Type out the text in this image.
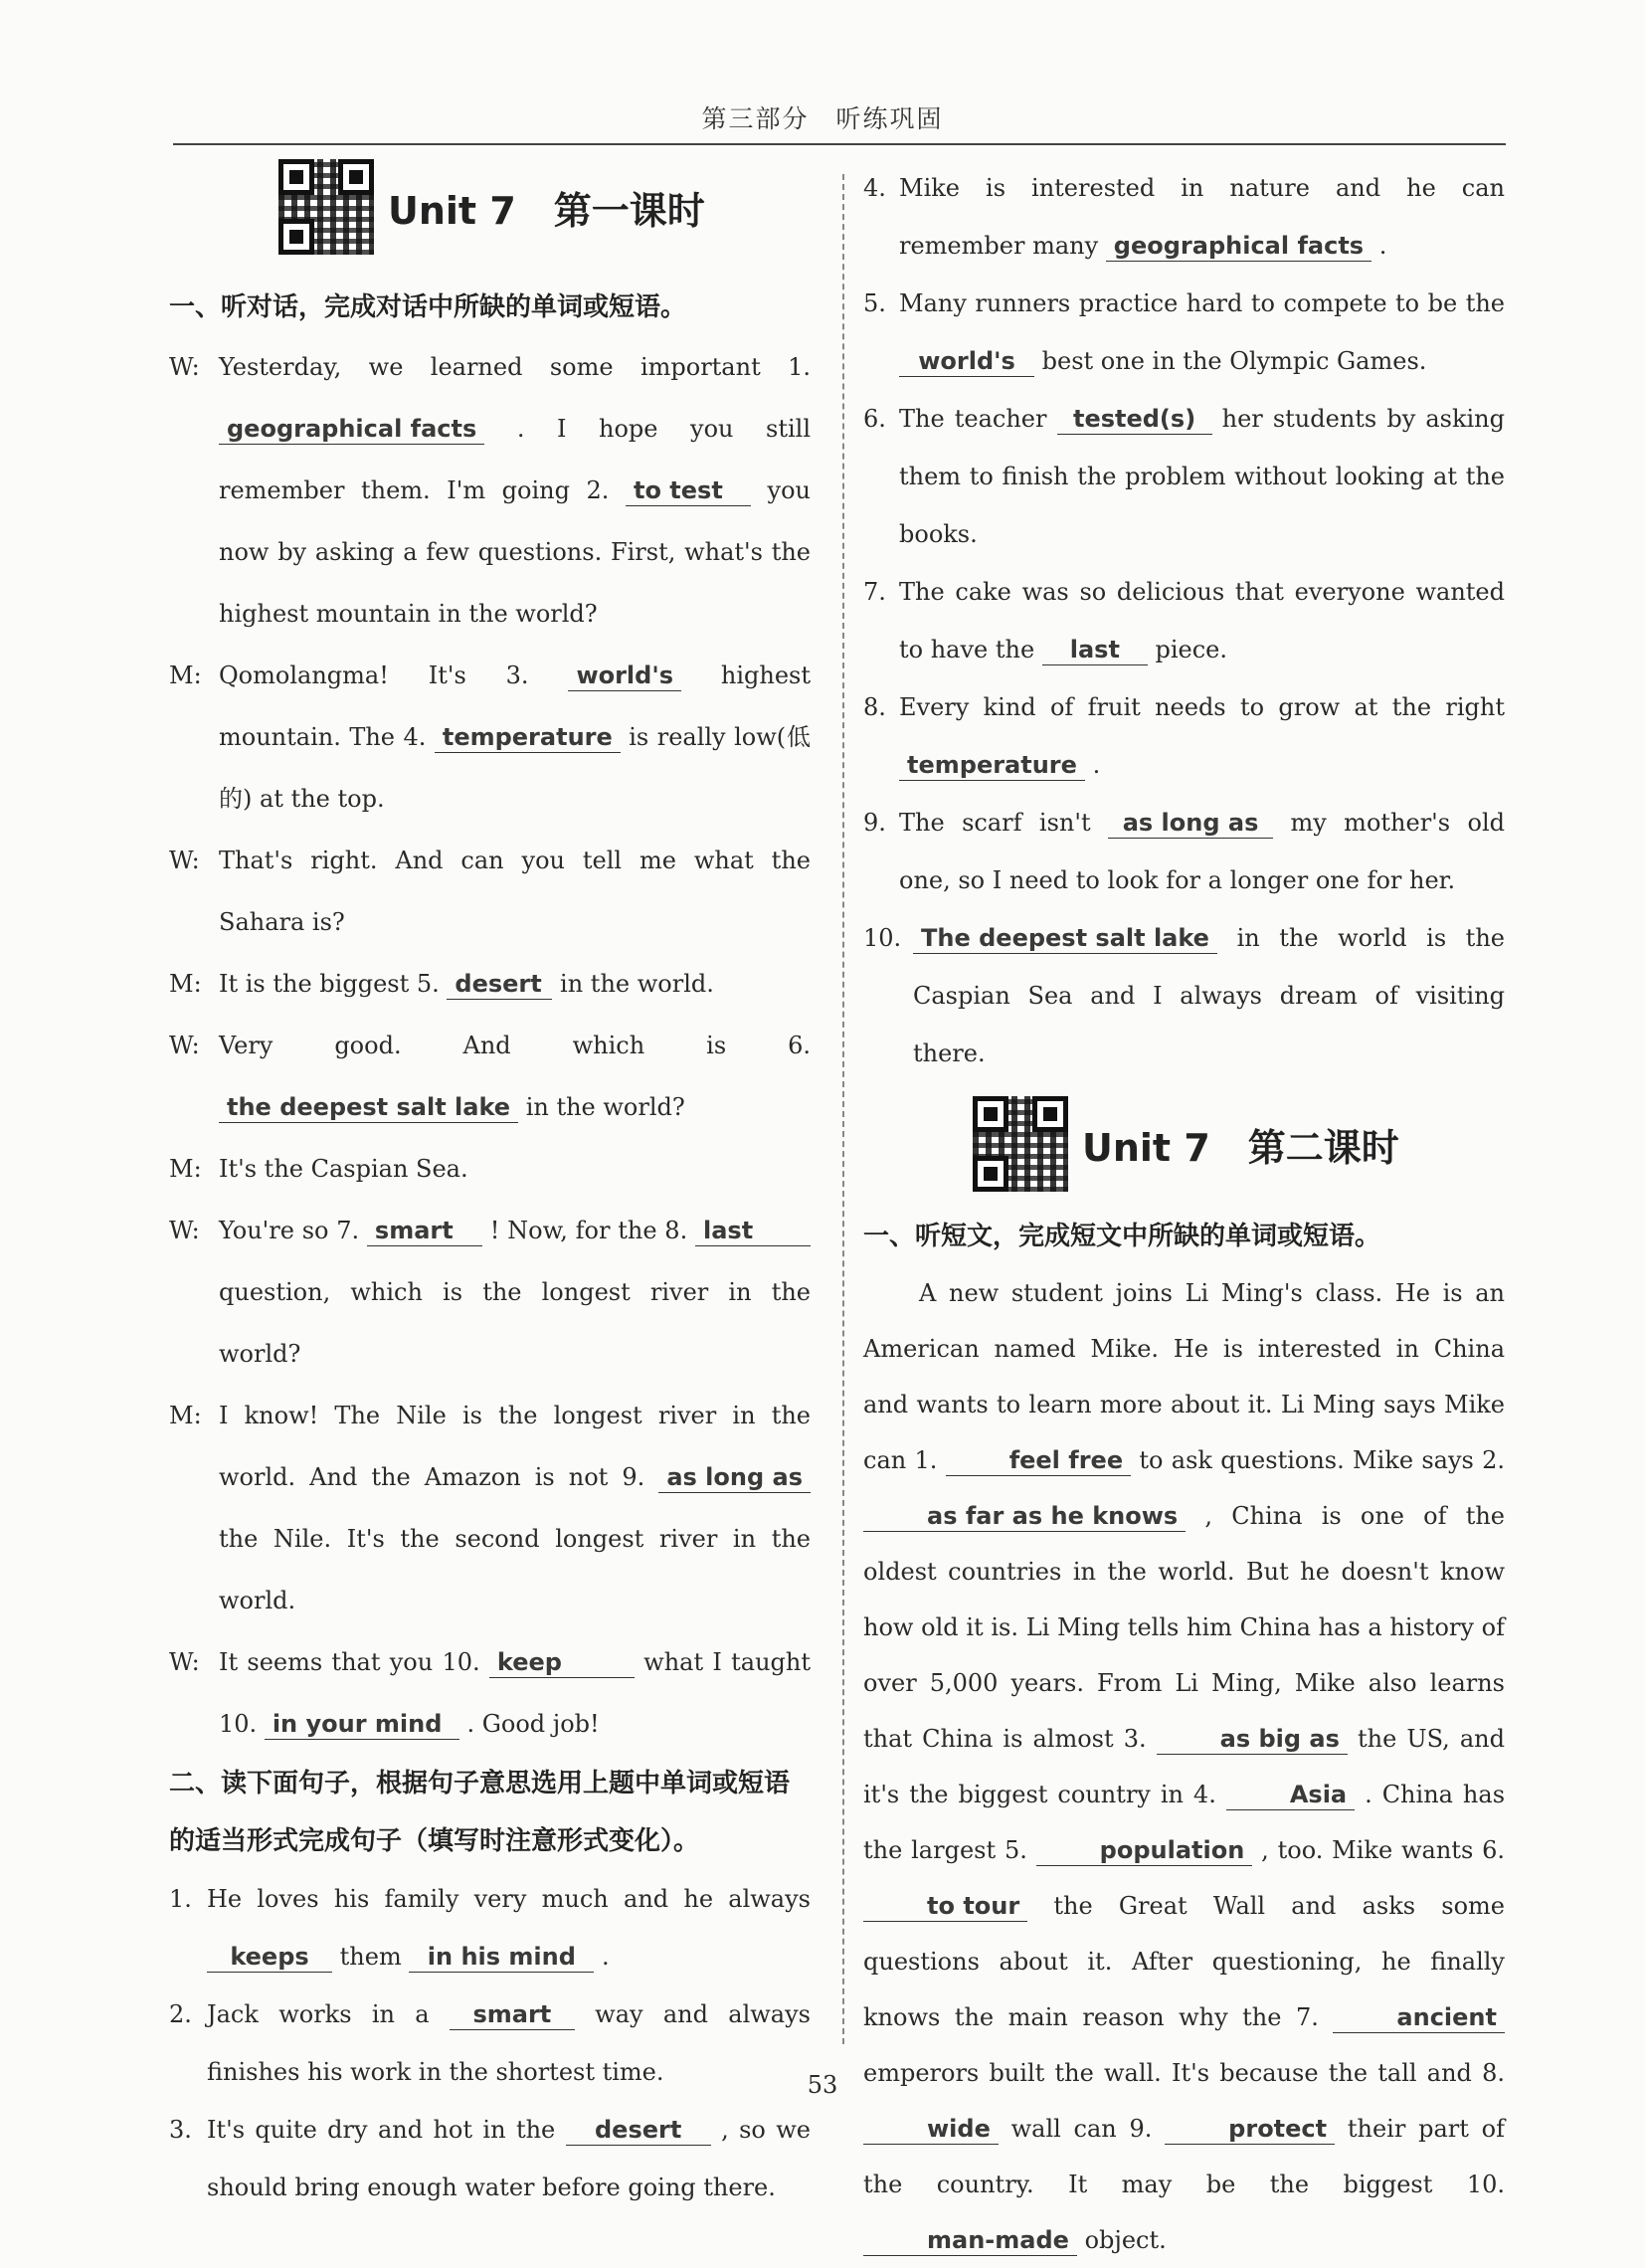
第三部分　听练巩固
Unit 7　第一课时
一、听对话，完成对话中所缺的单词或短语。
W: Yesterday, we learned some important 1. geographical facts . I hope you still remember them. I'm going 2. to test you now by asking a few questions. First, what's the highest mountain in the world?
M: Qomolangma! It's 3. world's highest mountain. The 4. temperature is really low(低的) at the top.
W: That's right. And can you tell me what the Sahara is?
M: It is the biggest 5. desert in the world.
W: Very good. And which is 6. the deepest salt lake in the world?
M: It's the Caspian Sea.
W: You're so 7. smart ! Now, for the 8. last question, which is the longest river in the world?
M: I know! The Nile is the longest river in the world. And the Amazon is not 9. as long as the Nile. It's the second longest river in the world.
W: It seems that you 10. keep	what I taught 10. in your mind . Good job!
二、读下面句子，根据句子意思选用上题中单词或短语的适当形式完成句子（填写时注意形式变化）。
1. He loves his family very much and he always keeps them in his mind .
2. Jack works in a smart way and always finishes his work in the shortest time.
3. It's quite dry and hot in the desert , so we should bring enough water before going there.
4. Mike is interested in nature and he can remember many geographical facts .
5. Many runners practice hard to compete to be the world's best one in the Olympic Games.
6. The teacher tested(s) her students by asking them to finish the problem without looking at the books.
7. The cake was so delicious that everyone wanted to have the last piece.
8. Every kind of fruit needs to grow at the right temperature .
9. The scarf isn't as long as my mother's old one, so I need to look for a longer one for her.
10. The deepest salt lake in the world is the Caspian Sea and I always dream of visiting there.
Unit 7　第二课时
一、听短文，完成短文中所缺的单词或短语。
A new student joins Li Ming's class. He is an American named Mike. He is interested in China and wants to learn more about it. Li Ming says Mike can 1.	feel free to ask questions. Mike says 2. as far as he knows , China is one of the oldest countries in the world. But he doesn't know how old it is. Li Ming tells him China has a history of over 5,000 years. From Li Ming, Mike also learns that China is almost 3.	as big as the US, and it's the biggest country in 4.	Asia . China has the largest 5.	population , too. Mike wants 6. to tour the Great Wall and asks some questions about it. After questioning, he finally knows the main reason why the 7.	ancient emperors built the wall. It's because the tall and 8. wide wall can 9.	protect their part of the country. It may be the biggest 10. man-made object.
53
